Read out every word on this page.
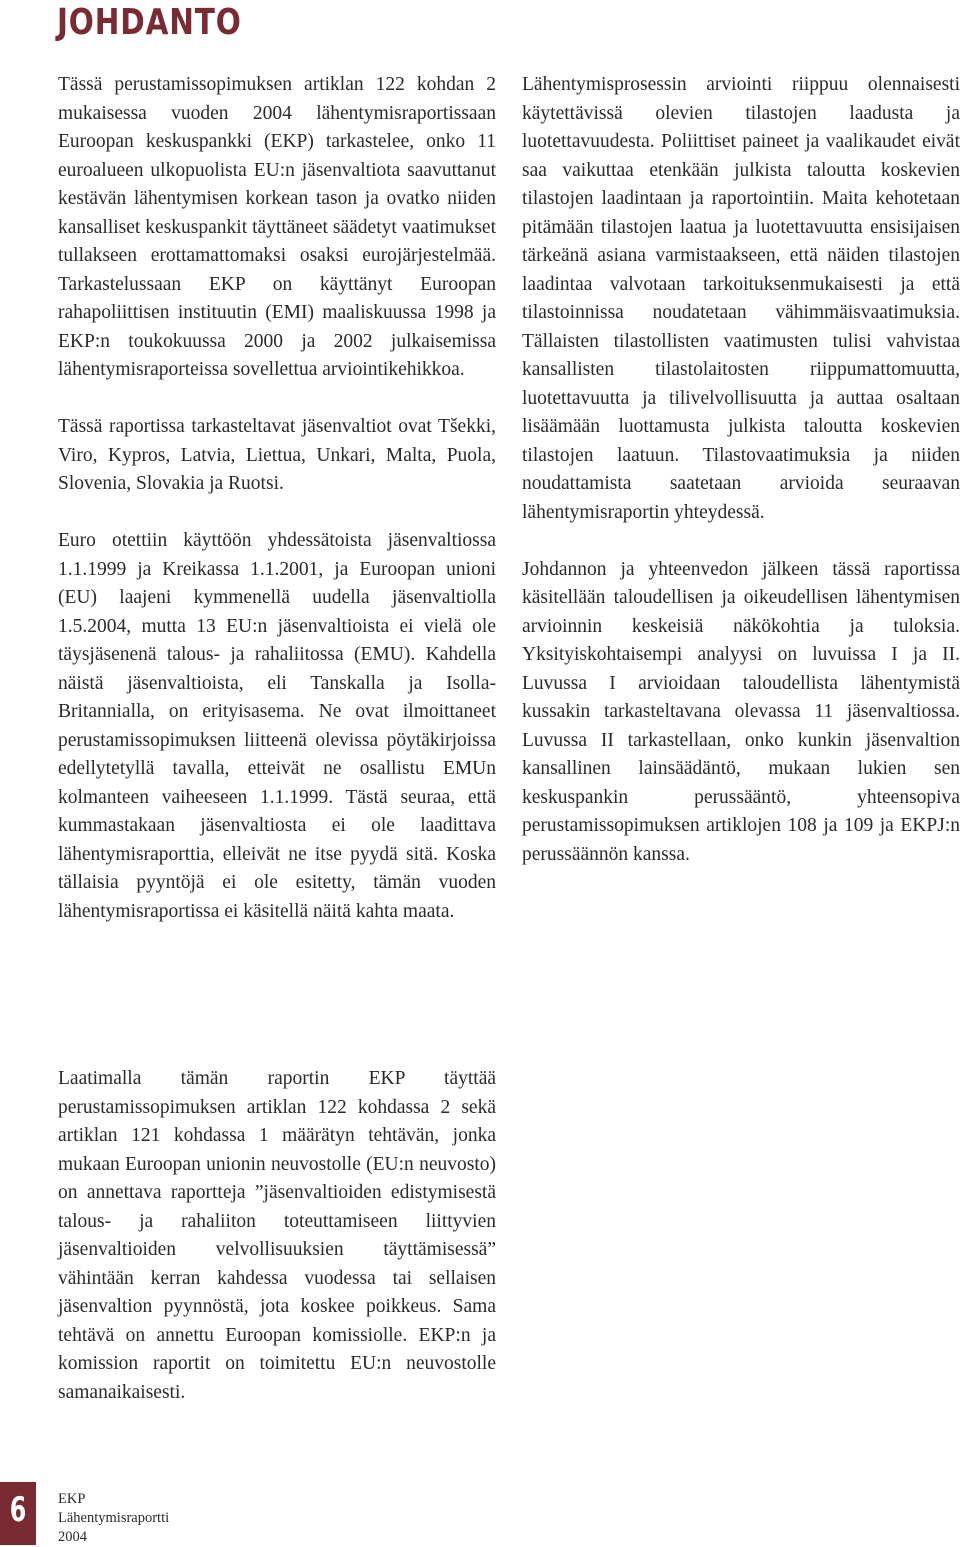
JOHDANTO

Tässä perustamissopimuksen artiklan 122 kohdan 2 mukaisessa vuoden 2004 lähentymisraportissaan Euroopan keskuspankki (EKP) tarkastelee, onko 11 euroalueen ulkopuolista EU:n jäsenvaltiota saavuttanut kestävän lähentymisen korkean tason ja ovatko niiden kansalliset keskuspankit täyttäneet säädetyt vaatimukset tullakseen erottamattomaksi osaksi eurojärjestelmää. Tarkastelussaan EKP on käyttänyt Euroopan rahapoliittisen instituutin (EMI) maaliskuussa 1998 ja EKP:n toukokuussa 2000 ja 2002 julkaisemissa lähentymisraporteissa sovellettua arviointikehikkoa.

Tässä raportissa tarkasteltavat jäsenvaltiot ovat Tšekki, Viro, Kypros, Latvia, Liettua, Unkari, Malta, Puola, Slovenia, Slovakia ja Ruotsi.

Euro otettiin käyttöön yhdessätoista jäsenvaltiossa 1.1.1999 ja Kreikassa 1.1.2001, ja Euroopan unioni (EU) laajeni kymmenellä uudella jäsenvaltiolla 1.5.2004, mutta 13 EU:n jäsenvaltioista ei vielä ole täysjäsenenä talous- ja rahaliitossa (EMU). Kahdella näistä jäsenvaltioista, eli Tanskalla ja Isolla-Britannialla, on erityisasema. Ne ovat ilmoittaneet perustamissopimuksen liitteenä olevissa pöytäkirjoissa edellytetyllä tavalla, etteivät ne osallistu EMUn kolmanteen vaiheeseen 1.1.1999. Tästä seuraa, että kummastakaan jäsenvaltiosta ei ole laadittava lähentymisraporttia, elleivät ne itse pyydä sitä. Koska tällaisia pyyntöjä ei ole esitetty, tämän vuoden lähentymisraportissa ei käsitellä näitä kahta maata.

Laatimalla tämän raportin EKP täyttää perustamissopimuksen artiklan 122 kohdassa 2 sekä artiklan 121 kohdassa 1 määrätyn tehtävän, jonka mukaan Euroopan unionin neuvostolle (EU:n neuvosto) on annettava raportteja ”jäsenvaltioiden edistymisestä talous- ja rahaliiton toteuttamiseen liittyvien jäsenvaltioiden velvollisuuksien täyttämisessä” vähintään kerran kahdessa vuodessa tai sellaisen jäsenvaltion pyynnöstä, jota koskee poikkeus. Sama tehtävä on annettu Euroopan komissiolle. EKP:n ja komission raportit on toimitettu EU:n neuvostolle samanaikaisesti.

Lähentymisprosessin arviointi riippuu olennaisesti käytettävissä olevien tilastojen laadusta ja luotettavuudesta. Poliittiset paineet ja vaalikaudet eivät saa vaikuttaa etenkään julkista taloutta koskevien tilastojen laadintaan ja raportointiin. Maita kehotetaan pitämään tilastojen laatua ja luotettavuutta ensisijaisen tärkeänä asiana varmistaakseen, että näiden tilastojen laadintaa valvotaan tarkoituksenmukaisesti ja että tilastoinnissa noudatetaan vähimmäisvaatimuksia. Tällaisten tilastollisten vaatimusten tulisi vahvistaa kansallisten tilastolaitosten riippumattomuutta, luotettavuutta ja tilivelvollisuutta ja auttaa osaltaan lisäämään luottamusta julkista taloutta koskevien tilastojen laatuun. Tilastovaatimuksia ja niiden noudattamista saatetaan arvioida seuraavan lähentymisraportin yhteydessä.

Johdannon ja yhteenvedon jälkeen tässä raportissa käsitellään taloudellisen ja oikeudellisen lähentymisen arvioinnin keskeisiä näkökohtia ja tuloksia. Yksityiskohtaisempi analyysi on luvuissa I ja II. Luvussa I arvioidaan taloudellista lähentymistä kussakin tarkasteltavana olevassa 11 jäsenvaltiossa. Luvussa II tarkastellaan, onko kunkin jäsenvaltion kansallinen lainsäädäntö, mukaan lukien sen keskuspankin perussääntö, yhteensopiva perustamissopimuksen artiklojen 108 ja 109 ja EKPJ:n perussäännön kanssa.

6 EKP
Lähentymisraportti
2004
